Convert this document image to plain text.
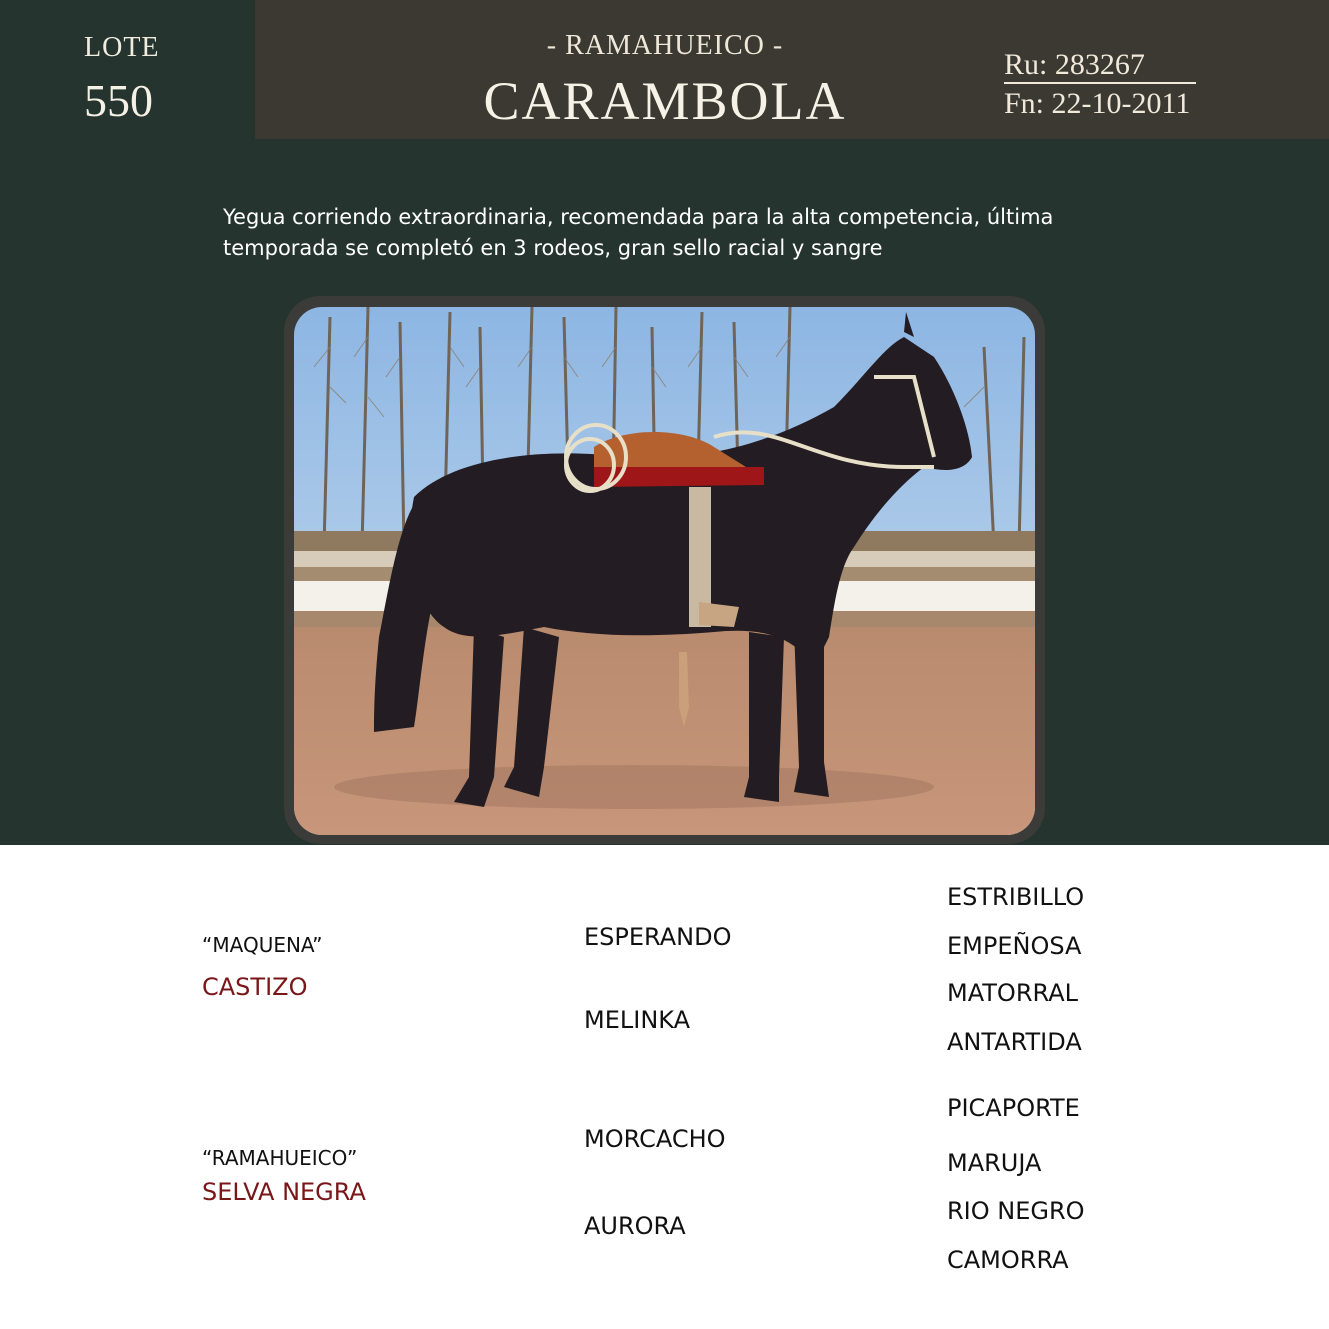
LOTE
550
- RAMAHUEICO -
CARAMBOLA
Ru: 283267
Fn: 22-10-2011
Yegua corriendo extraordinaria, recomendada para la alta competencia, última temporada se completó en 3 rodeos, gran sello racial y sangre
“MAQUENA”
CASTIZO
ESPERANDO
MELINKA
ESTRIBILLO
EMPEÑOSA
MATORRAL
ANTARTIDA
“RAMAHUEICO”
SELVA NEGRA
MORCACHO
AURORA
PICAPORTE
MARUJA
RIO NEGRO
CAMORRA
